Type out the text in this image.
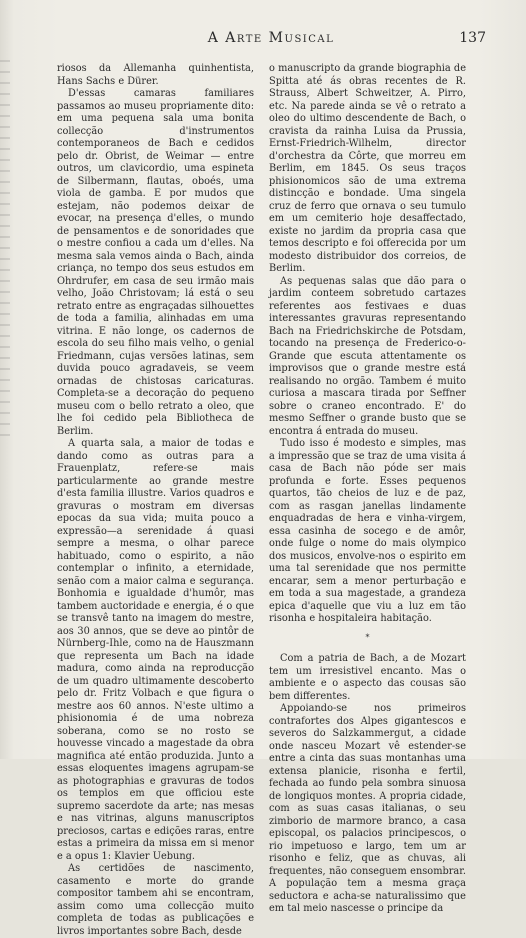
A Arte Musical	137

riosos da Allemanha quinhentista, Hans Sachs e Dürer.

D'essas camaras familiares passamos ao museu propriamente dito: em uma pequena sala uma bonita collecção d'instrumentos contemporaneos de Bach e cedidos pelo dr. Obrist, de Weimar — entre outros, um clavicordio, uma espineta de Silbermann, flautas, oboés, uma viola de gamba. E por mudos que estejam, não podemos deixar de evocar, na presença d'elles, o mundo de pensamentos e de sonoridades que o mestre confiou a cada um d'elles. Na mesma sala vemos ainda o Bach, ainda criança, no tempo dos seus estudos em Ohrdrufer, em casa de seu irmão mais velho, João Christovam; lá está o seu retrato entre as engraçadas silhouettes de toda a familia, alinhadas em uma vitrina. E não longe, os cadernos de escola do seu filho mais velho, o genial Friedmann, cujas versões latinas, sem duvida pouco agradaveis, se veem ornadas de chistosas caricaturas. Completa-se a decoração do pequeno museu com o bello retrato a oleo, que lhe foi cedido pela Bibliotheca de Berlim.

A quarta sala, a maior de todas e dando como as outras para a Frauenplatz, refere-se mais particularmente ao grande mestre d'esta familia illustre. Varios quadros e gravuras o mostram em diversas epocas da sua vida; muita pouco a expressão—a serenidade á quasi sempre a mesma, o olhar parece habituado, como o espirito, a não contemplar o infinito, a eternidade, senão com a maior calma e segurança. Bonhomia e igualdade d'humôr, mas tambem auctoridade e energia, é o que se transvê tanto na imagem do mestre, aos 30 annos, que se deve ao pintôr de Nürnberg-Ihle, como na de Hauszmann que representa um Bach na idade madura, como ainda na reproducção de um quadro ultimamente descoberto pelo dr. Fritz Volbach e que figura o mestre aos 60 annos. N'este ultimo a phisionomia é de uma nobreza soberana, como se no rosto se houvesse vincado a magestade da obra magnifica até então produzida. Junto a essas eloquentes imagens agrupam-se as photographias e gravuras de todos os templos em que officiou este supremo sacerdote da arte; nas mesas e nas vitrinas, alguns manuscriptos preciosos, cartas e edições raras, entre estas a primeira da missa em si menor e a opus 1: Klavier Uebung.

As certidões de nascimento, casamento e morte do grande compositor tambem ahi se encontram, assim como uma collecção muito completa de todas as publicações e livros importantes sobre Bach, desde

o manuscripto da grande biographia de Spitta até ás obras recentes de R. Strauss, Albert Schweitzer, A. Pirro, etc. Na parede ainda se vê o retrato a oleo do ultimo descendente de Bach, o cravista da rainha Luisa da Prussia, Ernst-Friedrich-Wilhelm, director d'orchestra da Côrte, que morreu em Berlim, em 1845. Os seus traços phisionomicos são de uma extrema distincção e bondade. Uma singela cruz de ferro que ornava o seu tumulo em um cemiterio hoje desaffectado, existe no jardim da propria casa que temos descripto e foi offerecida por um modesto distribuidor dos correios, de Berlim.

As pequenas salas que dão para o jardim conteem sobretudo cartazes referentes aos festivaes e duas interessantes gravuras representando Bach na Friedrichskirche de Potsdam, tocando na presença de Frederico-o-Grande que escuta attentamente os improvisos que o grande mestre está realisando no orgão. Tambem é muito curiosa a mascara tirada por Seffner sobre o craneo encontrado. E' do mesmo Seffner o grande busto que se encontra á entrada do museu.

Tudo isso é modesto e simples, mas a impressão que se traz de uma visita á casa de Bach não póde ser mais profunda e forte. Esses pequenos quartos, tão cheios de luz e de paz, com as rasgan janellas lindamente enquadradas de hera e vinha-virgem, essa casinha de socego e de amôr, onde fulge o nome do mais olympico dos musicos, envolve-nos o espirito em uma tal serenidade que nos permitte encarar, sem a menor perturbação e em toda a sua magestade, a grandeza epica d'aquelle que viu a luz em tão risonha e hospitaleira habitação.

*

Com a patria de Bach, a de Mozart tem um irresistivel encanto. Mas o ambiente e o aspecto das cousas são bem differentes.

Appoiando-se nos primeiros contrafortes dos Alpes gigantescos e severos do Salzkammergut, a cidade onde nasceu Mozart vê estender-se entre a cinta das suas montanhas uma extensa planicie, risonha e fertil, fechada ao fundo pela sombra sinuosa de longiquos montes. A propria cidade, com as suas casas italianas, o seu zimborio de marmore branco, a casa episcopal, os palacios principescos, o rio impetuoso e largo, tem um ar risonho e feliz, que as chuvas, ali frequentes, não conseguem ensombrar. A população tem a mesma graça seductora e acha-se naturalissimo que em tal meio nascesse o principe da
